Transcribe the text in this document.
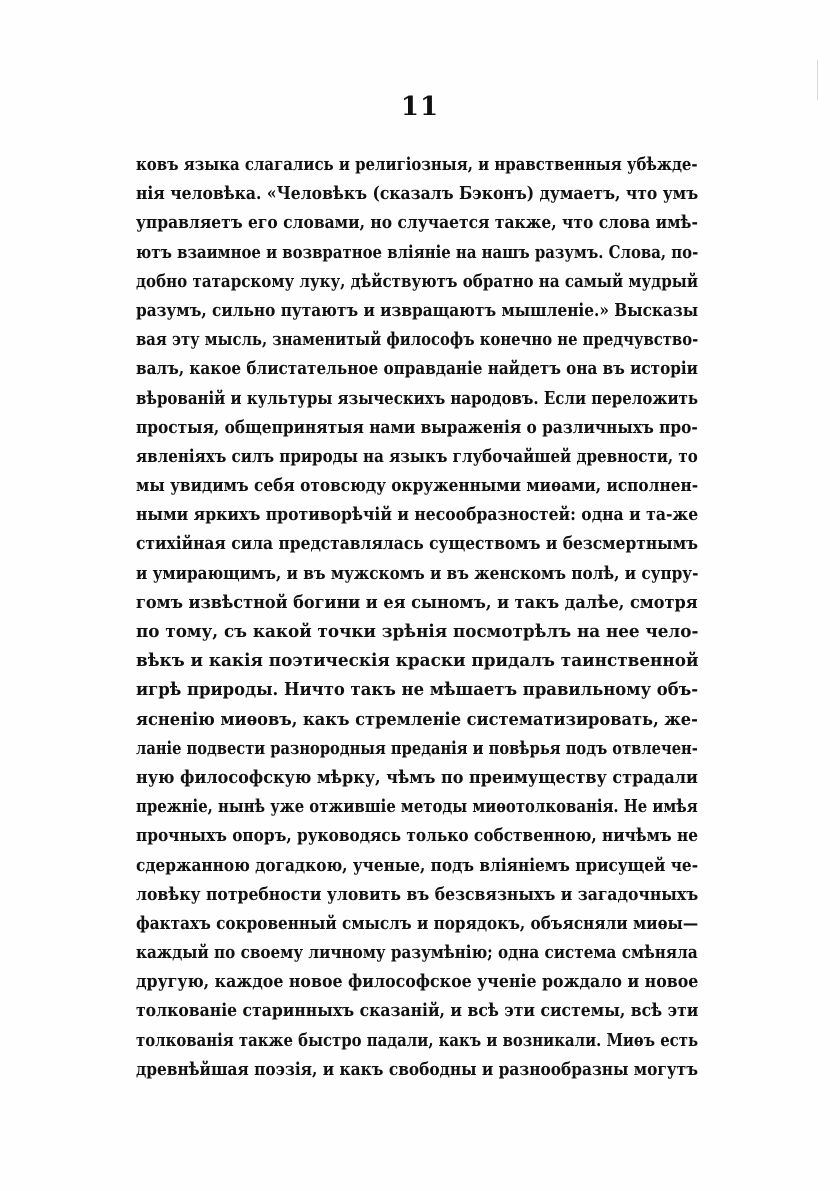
11
ковъ языка слагались и религіозныя, и нравственныя убѣжде-
нія человѣка. «Человѣкъ (сказалъ Бэконъ) думаетъ, что умъ
управляетъ его словами, но случается также, что слова имѣ-
ютъ взаимное и возвратное вліяніе на нашъ разумъ. Слова, по-
добно татарскому луку, дѣйствуютъ обратно на самый мудрый
разумъ, сильно путаютъ и извращаютъ мышленіе.» Высказы
вая эту мысль, знаменитый философъ конечно не предчувство-
валъ, какое блистательное оправданіе найдетъ она въ исторіи
вѣрованій и культуры языческихъ народовъ. Если переложить
простыя, общепринятыя нами выраженія о различныхъ про-
явленіяхъ силъ природы на языкъ глубочайшей древности, то
мы увидимъ себя отовсюду окруженными миѳами, исполнен-
ными яркихъ противорѣчій и несообразностей: одна и та-же
стихійная сила представлялась существомъ и безсмертнымъ
и умирающимъ, и въ мужскомъ и въ женскомъ полѣ, и супру-
гомъ извѣстной богини и ея сыномъ, и такъ далѣе, смотря
по тому, съ какой точки зрѣнія посмотрѣлъ на нее чело-
вѣкъ и какія поэтическія краски придалъ таинственной
игрѣ природы. Ничто такъ не мѣшаетъ правильному объ-
ясненію миѳовъ, какъ стремленіе систематизировать, же-
ланіе подвести разнородныя преданія и повѣрья подъ отвлечен-
ную философскую мѣрку, чѣмъ по преимуществу страдали
прежніе, нынѣ уже отжившіе методы миѳотолкованія. Не имѣя
прочныхъ опоръ, руководясь только собственною, ничѣмъ не
сдержанною догадкою, ученые, подъ вліяніемъ присущей че-
ловѣку потребности уловить въ безсвязныхъ и загадочныхъ
фактахъ сокровенный смыслъ и порядокъ, объясняли миѳы—
каждый по своему личному разумѣнію; одна система смѣняла
другую, каждое новое философское ученіе рождало и новое
толкованіе старинныхъ сказаній, и всѣ эти системы, всѣ эти
толкованія также быстро падали, какъ и возникали. Миѳъ есть
древнѣйшая поэзія, и какъ свободны и разнообразны могутъ
